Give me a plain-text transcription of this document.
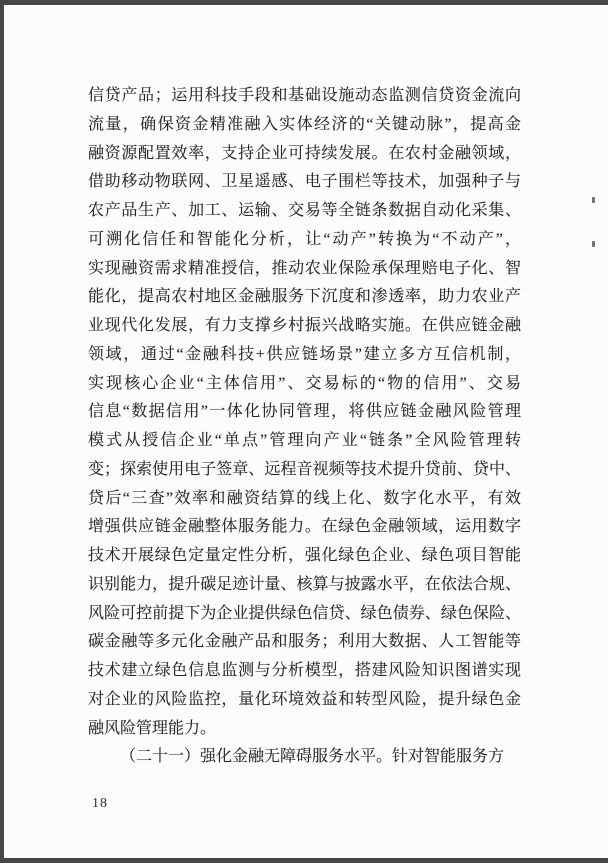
信贷产品；运用科技手段和基础设施动态监测信贷资金流向
流量，确保资金精准融入实体经济的“关键动脉”，提高金
融资源配置效率，支持企业可持续发展。在农村金融领域，
借助移动物联网、卫星遥感、电子围栏等技术，加强种子与
农产品生产、加工、运输、交易等全链条数据自动化采集、
可溯化信任和智能化分析，让“动产”转换为“不动产”，
实现融资需求精准授信，推动农业保险承保理赔电子化、智
能化，提高农村地区金融服务下沉度和渗透率，助力农业产
业现代化发展，有力支撑乡村振兴战略实施。在供应链金融
领域，通过“金融科技+供应链场景”建立多方互信机制，
实现核心企业“主体信用”、交易标的“物的信用”、交易
信息“数据信用”一体化协同管理，将供应链金融风险管理
模式从授信企业“单点”管理向产业“链条”全风险管理转
变；探索使用电子签章、远程音视频等技术提升贷前、贷中、
贷后“三查”效率和融资结算的线上化、数字化水平，有效
增强供应链金融整体服务能力。在绿色金融领域，运用数字
技术开展绿色定量定性分析，强化绿色企业、绿色项目智能
识别能力，提升碳足迹计量、核算与披露水平，在依法合规、
风险可控前提下为企业提供绿色信贷、绿色债券、绿色保险、
碳金融等多元化金融产品和服务；利用大数据、人工智能等
技术建立绿色信息监测与分析模型，搭建风险知识图谱实现
对企业的风险监控，量化环境效益和转型风险，提升绿色金
融风险管理能力。
（二十一）强化金融无障碍服务水平。针对智能服务方
18
